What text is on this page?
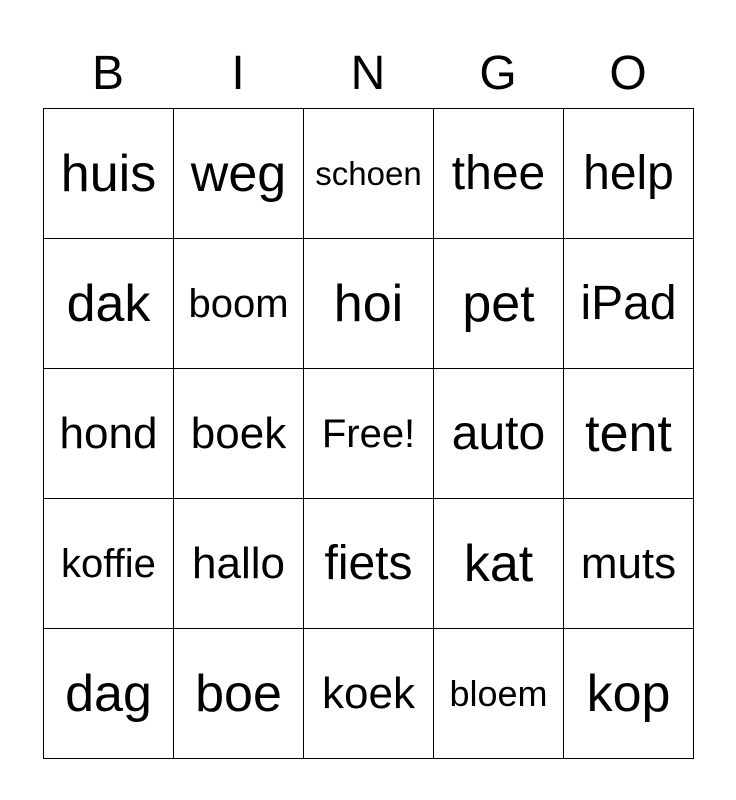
B	I	N	G	O
huis weg schoen thee help
dak boom hoi	pet iPad
hond boek Free! auto tent
koffie hallo fiets kat	muts
dag boe koek bloem kop
